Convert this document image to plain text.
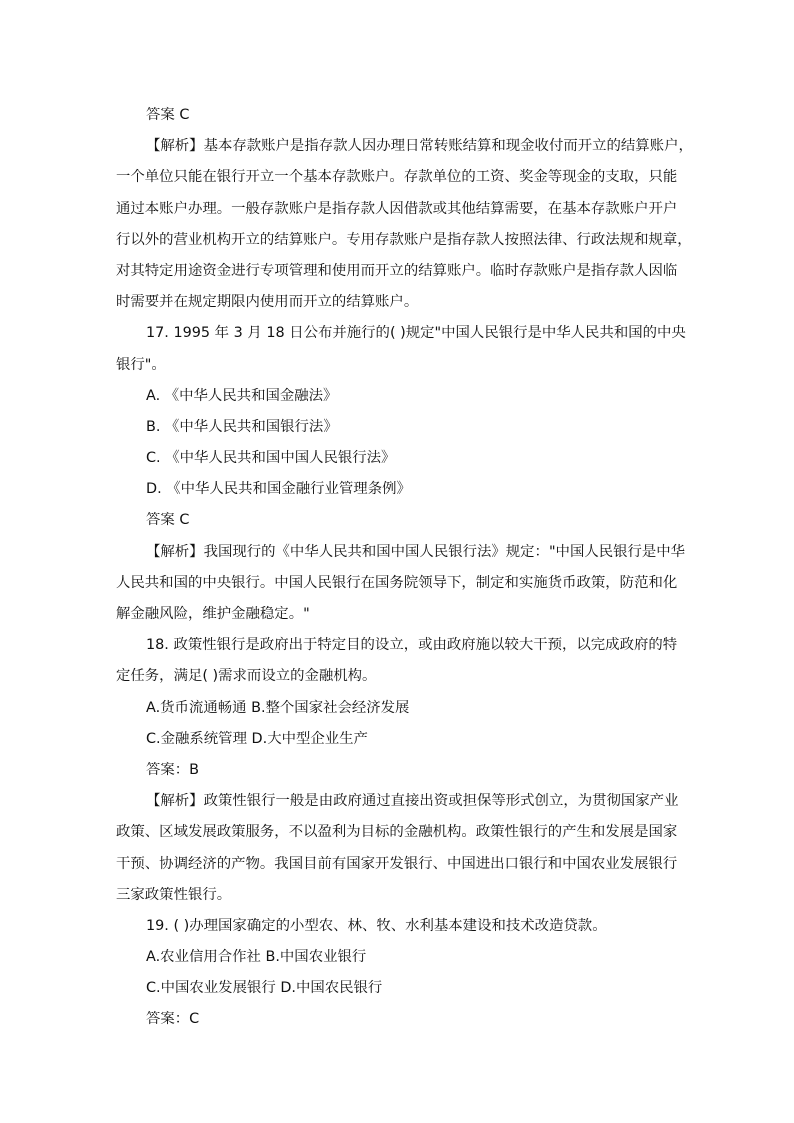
答案 C
【解析】基本存款账户是指存款人因办理日常转账结算和现金收付而开立的结算账户，
一个单位只能在银行开立一个基本存款账户。存款单位的工资、奖金等现金的支取，只能
通过本账户办理。一般存款账户是指存款人因借款或其他结算需要，在基本存款账户开户
行以外的营业机构开立的结算账户。专用存款账户是指存款人按照法律、行政法规和规章，
对其特定用途资金进行专项管理和使用而开立的结算账户。临时存款账户是指存款人因临
时需要并在规定期限内使用而开立的结算账户。
17. 1995 年 3 月 18 日公布并施行的( )规定"中国人民银行是中华人民共和国的中央
银行"。
A. 《中华人民共和国金融法》
B. 《中华人民共和国银行法》
C. 《中华人民共和国中国人民银行法》
D. 《中华人民共和国金融行业管理条例》
答案 C
【解析】我国现行的《中华人民共和国中国人民银行法》规定："中国人民银行是中华
人民共和国的中央银行。中国人民银行在国务院领导下，制定和实施货币政策，防范和化
解金融风险，维护金融稳定。"
18. 政策性银行是政府出于特定目的设立，或由政府施以较大干预，以完成政府的特
定任务，满足( )需求而设立的金融机构。
A.货币流通畅通 B.整个国家社会经济发展
C.金融系统管理 D.大中型企业生产
答案：B
【解析】政策性银行一般是由政府通过直接出资或担保等形式创立，为贯彻国家产业
政策、区域发展政策服务，不以盈利为目标的金融机构。政策性银行的产生和发展是国家
干预、协调经济的产物。我国目前有国家开发银行、中国进出口银行和中国农业发展银行
三家政策性银行。
19. ( )办理国家确定的小型农、林、牧、水利基本建设和技术改造贷款。
A.农业信用合作社 B.中国农业银行
C.中国农业发展银行 D.中国农民银行
答案：C
